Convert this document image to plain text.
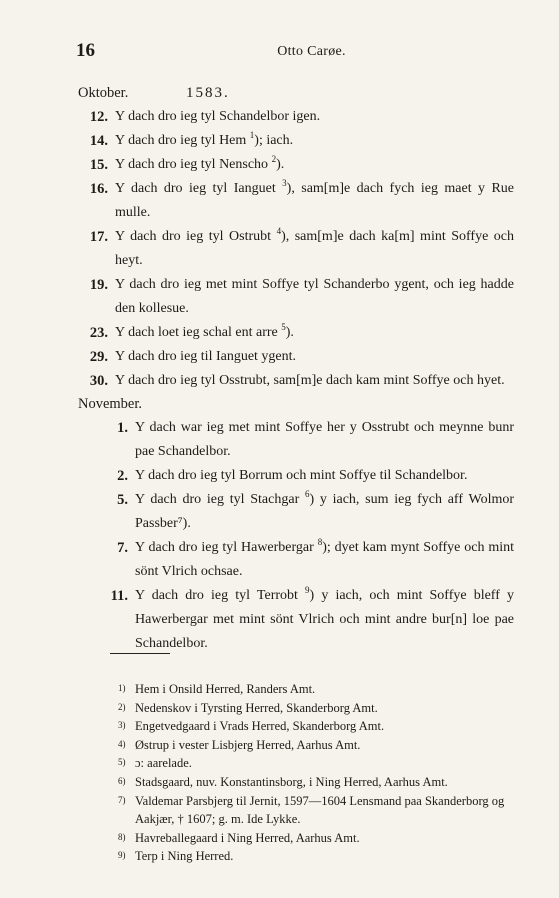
16	Otto Carøe.
Oktober.	1583.
12. Y dach dro ieg tyl Schandelbor igen.
14. Y dach dro ieg tyl Hem $^1$); iach.
15. Y dach dro ieg tyl Nenscho $^2$).
16. Y dach dro ieg tyl Ianguet $^3$), sam[m]e dach fych ieg maet y Rue mulle.
17. Y dach dro ieg tyl Ostrubt $^4$), sam[m]e dach ka[m] mint Soffye och heyt.
19. Y dach dro ieg met mint Soffye tyl Schanderbo ygent, och ieg hadde den kollesue.
23. Y dach loet ieg schal ent arre $^5$).
29. Y dach dro ieg til Ianguet ygent.
30. Y dach dro ieg tyl Osstrubt, sam[m]e dach kam mint Soffye och hyet.
November.
1. Y dach war ieg met mint Soffye her y Osstrubt och meynne bunr pae Schandelbor.
2. Y dach dro ieg tyl Borrum och mint Soffye til Schandelbor.
5. Y dach dro ieg tyl Stachgar $^6$) y iach, sum ieg fych aff Wolmor Passber⁷).
7. Y dach dro ieg tyl Hawerbergar $^8$); dyet kam mynt Soffye och mint sönt Vlrich ochsae.
11. Y dach dro ieg tyl Terrobt $^9$) y iach, och mint Soffye bleff y Hawerbergar met mint sönt Vlrich och mint andre bur[n] loe pae Schandelbor.
1) Hem i Onsild Herred, Randers Amt.
2) Nedenskov i Tyrsting Herred, Skanderborg Amt.
3) Engetvedgaard i Vrads Herred, Skanderborg Amt.
4) Østrup i vester Lisbjerg Herred, Aarhus Amt.
5) ɔ: aarelade.
6) Stadsgaard, nuv. Konstantinsborg, i Ning Herred, Aarhus Amt.
7) Valdemar Parsbjerg til Jernit, 1597—1604 Lensmand paa Skanderborg og Aakjær, † 1607; g. m. Ide Lykke.
8) Havreballegaard i Ning Herred, Aarhus Amt.
9) Terp i Ning Herred.
